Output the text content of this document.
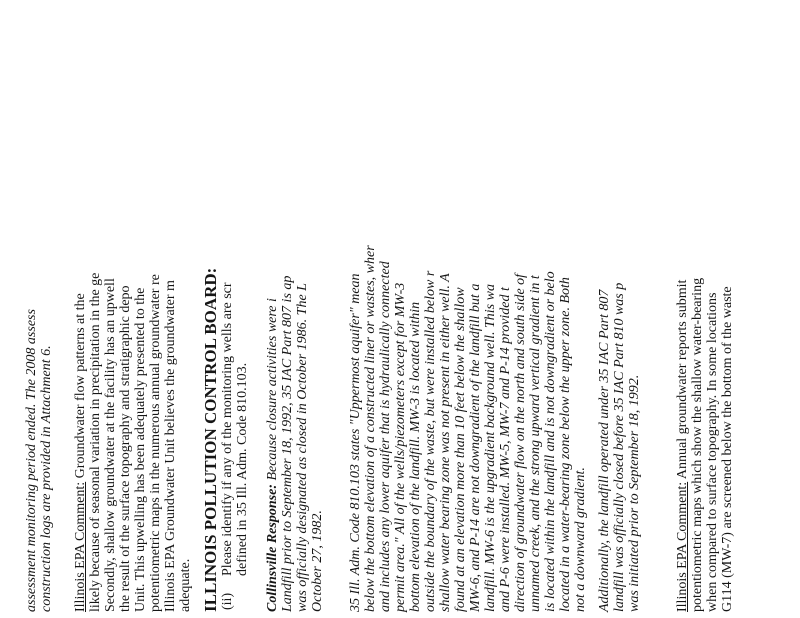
assessment monitoring period ended. The 2008 assess construction logs are provided in Attachment 6. Illinois EPA Comment: Groundwater flow patterns at the likely because of seasonal variation in precipitation in the ge Secondly, shallow groundwater at the facility has an upwell the result of the surface topography and stratigraphic depo Unit. This upwelling has been adequately presented to the potentiometric maps in the numerous annual groundwater re Illinois EPA Groundwater Unit believes the groundwater m adequate. ILLINOIS POLLUTION CONTROL BOARD: (ii)
Please identify if any of the monitoring wells are scr defined in 35 Ill. Adm. Code 810.103. Collinsville Response: Because closure activities were i Landfill prior to September 18, 1992, 35 IAC Part 807 is ap was officially designated as closed in October 1986. The L October 27, 1982. 35 Ill. Adm. Code 810.103 states "Uppermost aquifer" mean below the bottom elevation of a constructed liner or wastes, wher and includes any lower aquifer that is hydraulically connected permit area." All of the wells/piezometers except for MW-3 bottom elevation of the landfill. MW-3 is located within outside the boundary of the waste, but were installed below r shallow water bearing zone was not present in either well. A found at an elevation more than 10 feet below the shallow MW-6, and P-14 are not downgradient of the landfill but a landfill. MW-6 is the upgradient background well. This wa and P-6 were installed. MW-5, MW-7 and P-14 provided t direction of groundwater flow on the north and south side of unnamed creek, and the strong upward vertical gradient in t is located within the landfill and is not downgradient or belo located in a water-bearing zone below the upper zone. Both not a downward gradient. Additionally, the landfill operated under 35 IAC Part 807 landfill was officially closed before 35 IAC Part 810 was p was initiated prior to September 18, 1992. Illinois EPA Comment: Annual groundwater reports submit potentiometric maps which show the shallow water-bearing when compared to surface topography. In some locations G114 (MW-7) are screened below the bottom of the waste
